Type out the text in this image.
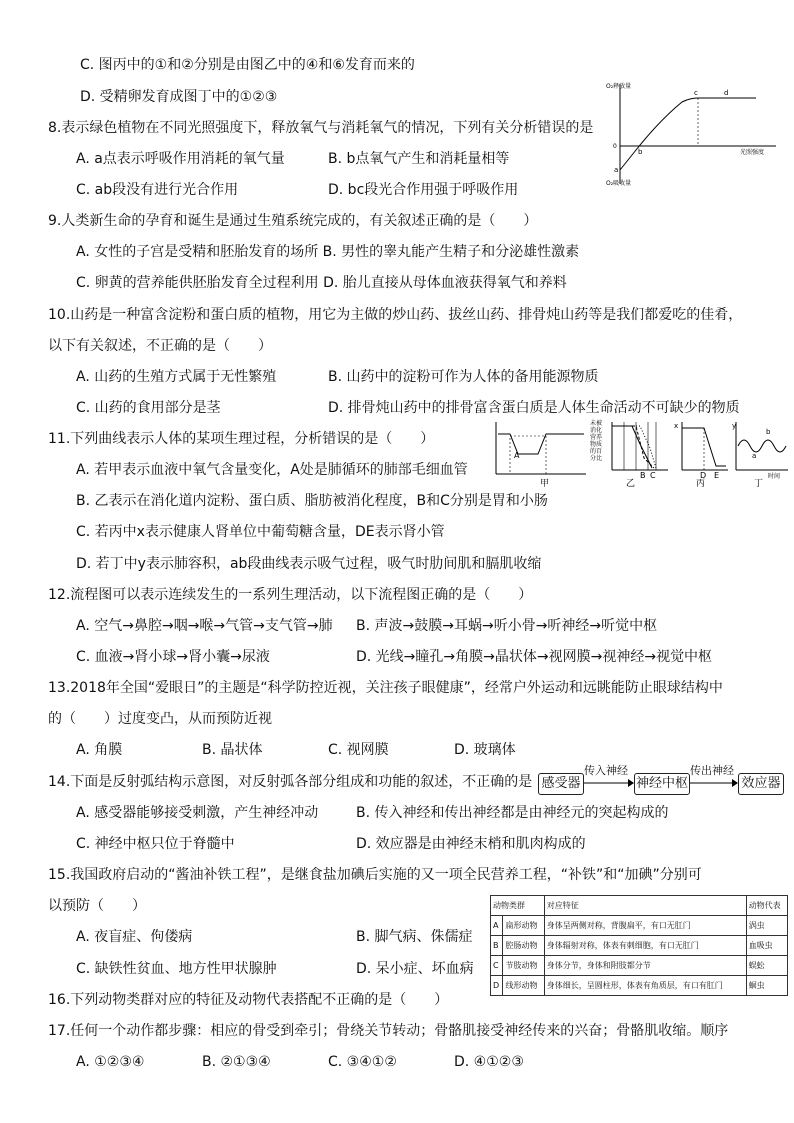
C. 图丙中的①和②分别是由图乙中的④和⑥发育而来的
D. 受精卵发育成图丁中的①②③
8.表示绿色植物在不同光照强度下，释放氧气与消耗氧气的情况，下列有关分析错误的是
A. a点表示呼吸作用消耗的氧气量	B. b点氧气产生和消耗量相等
C. ab段没有进行光合作用	D. bc段光合作用强于呼吸作用
9.人类新生命的孕育和诞生是通过生殖系统完成的，有关叙述正确的是（　　）
A. 女性的子宫是受精和胚胎发育的场所 B. 男性的睾丸能产生精子和分泌雄性激素
C. 卵黄的营养能供胚胎发育全过程利用 D. 胎儿直接从母体血液获得氧气和养料
10.山药是一种富含淀粉和蛋白质的植物，用它为主做的炒山药、拔丝山药、排骨炖山药等是我们都爱吃的佳肴，
以下有关叙述，不正确的是（　　）
A. 山药的生殖方式属于无性繁殖	B. 山药中的淀粉可作为人体的备用能源物质
C. 山药的食用部分是茎	D. 排骨炖山药中的排骨富含蛋白质是人体生命活动不可缺少的物质
11.下列曲线表示人体的某项生理过程，分析错误的是（　　）
A. 若甲表示血液中氧气含量变化，A处是肺循环的肺部毛细血管
B. 乙表示在消化道内淀粉、蛋白质、脂肪被消化程度，B和C分别是胃和小肠
C. 若丙中x表示健康人肾单位中葡萄糖含量，DE表示肾小管
D. 若丁中y表示肺容积，ab段曲线表示吸气过程，吸气时肋间肌和膈肌收缩
12.流程图可以表示连续发生的一系列生理活动，以下流程图正确的是（　　）
A. 空气→鼻腔→咽→喉→气管→支气管→肺 B. 声波→鼓膜→耳蜗→听小骨→听神经→听觉中枢
C. 血液→肾小球→肾小囊→尿液	D. 光线→瞳孔→角膜→晶状体→视网膜→视神经→视觉中枢
13.2018年全国“爱眼日”的主题是“科学防控近视，关注孩子眼健康”，经常户外运动和远眺能防止眼球结构中
的（　　）过度变凸，从而预防近视
A. 角膜	B. 晶状体	C. 视网膜	D. 玻璃体
14.下面是反射弧结构示意图，对反射弧各部分组成和功能的叙述，不正确的是
A. 感受器能够接受刺激，产生神经冲动	B. 传入神经和传出神经都是由神经元的突起构成的
C. 神经中枢只位于脊髓中	D. 效应器是由神经末梢和肌肉构成的
15.我国政府启动的“酱油补铁工程”，是继食盐加碘后实施的又一项全民营养工程，“补铁”和“加碘”分别可
以预防（　　）
A. 夜盲症、佝偻病	B. 脚气病、侏儒症
C. 缺铁性贫血、地方性甲状腺肿	D. 呆小症、坏血病
16.下列动物类群对应的特征及动物代表搭配不正确的是（　　）
17.任何一个动作都步骤：相应的骨受到牵引；骨绕关节转动；骨骼肌接受神经传来的兴奋；骨骼肌收缩。顺序
A. ①②③④	B. ②①③④	C. ③④①②	D. ④①②③
O₂释放量
O₂吸收量
光照强度
0
a
b
c	d
A
甲
未被
消化
营养
物质
的百
分比
B C
乙
x
D E
丙
y
a
b
时间
丁
感受器
传入神经
神经中枢
传出神经
效应器
动物类群		对应特征	动物代表
A	扁形动物	身体呈两侧对称，背腹扁平，有口无肛门	涡虫
B	腔肠动物	身体辐射对称，体表有刺细胞，有口无肛门	血吸虫
C	节肢动物	身体分节，身体和附肢都分节	蜈蚣
D	线形动物	身体细长，呈圆柱形，体表有角质层，有口有肛门	蛔虫
